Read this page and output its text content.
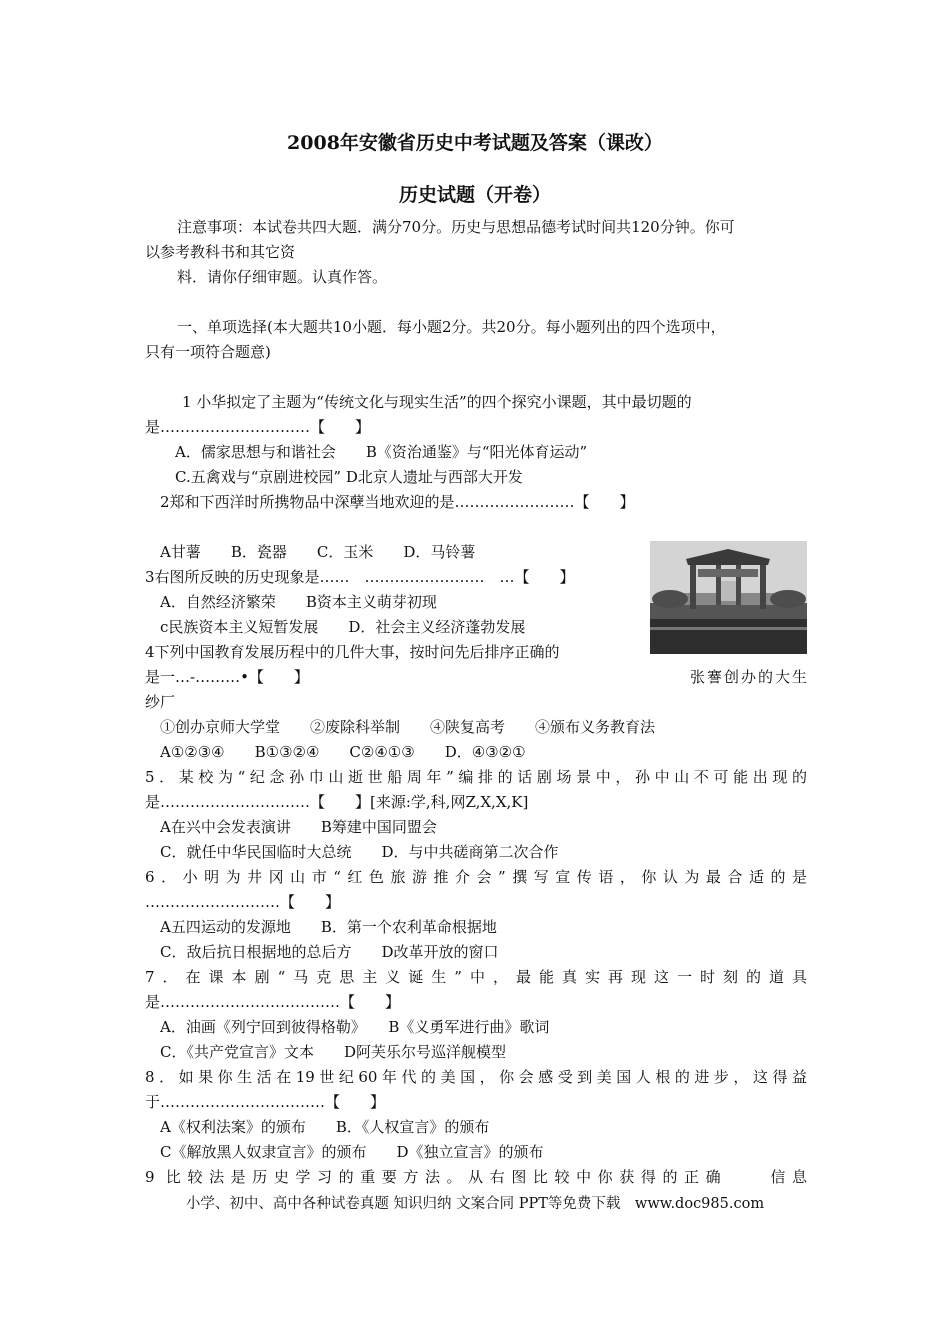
2008年安徽省历史中考试题及答案（课改）
历史试题（开卷）
注意事项：本试卷共四大题．满分70分。历史与思想品德考试时间共120分钟。你可
以参考教科书和其它资
料．请你仔细审题。认真作答。
一、单项选择(本大题共10小题．每小题2分。共20分。每小题列出的四个选项中，
只有一项符合题意)
1 小华拟定了主题为“传统文化与现实生活”的四个探究小课题，其中最切题的
是…………………………【　　】
A．儒家思想与和谐社会　　B《资治通鉴》与“阳光体育运动”
C.五禽戏与“京剧进校园” D北京人遗址与西部大开发
2郑和下西洋时所携物品中深孽当地欢迎的是……………………【　　】
A甘薯　　B．瓷器　　C．玉米　　D．马铃薯
3右图所反映的历史现象是……　……………………　…【　　】
A．自然经济繁荣　　B资本主义萌芽初现
c民族资本主义短暂发展　　D．社会主义经济蓬勃发展
4下列中国教育发展历程中的几件大事，按时问先后排序正确的
是一…-………•【　　】	张謇创办的大生
纱厂
①创办京师大学堂　　②废除科举制　　④陕复高考　　④颁布义务教育法
A①②③④　　B①③②④　　C②④①③　　D．④③②①
5．某校为“纪念孙巾山逝世船周年”编排的话剧场景中，孙中山不可能出现的
是…………………………【　　】[来源:学,科,网Z,X,X,K]
A在兴中会发表演讲　　B筹建中国同盟会
C．就任中华民国临时大总统　　D．与中共磋商第二次合作
6．小明为井冈山市“红色旅游推介会”撰写宣传语，你认为最合适的是
………………………【　　】
A五四运动的发源地　　B．第一个农利革命根据地
C．敌后抗日根据地的总后方　　D改革开放的窗口
7．在课本剧“马克思主义诞生”中，最能真实再现这一时刻的道具
是………………………………【　　】
A．油画《列宁回到彼得格勒》　　B《义勇军进行曲》歌词
C．《共产党宣言》文本　　D阿芙乐尔号巡洋舰模型
8．如果你生活在19世纪60年代的美国，你会感受到美国人根的进步，这得益
于……………………………【　　】
A《权利法案》的颁布　　B．《人权宣言》的颁布
C《解放黑人奴隶宣言》的颁布　　D《独立宣言》的颁布
9 比较法是历史学习的重要方法。从右图比较中你获得的正确　　信息
小学、初中、高中各种试卷真题 知识归纳 文案合同 PPT等免费下载　www.doc985.com
